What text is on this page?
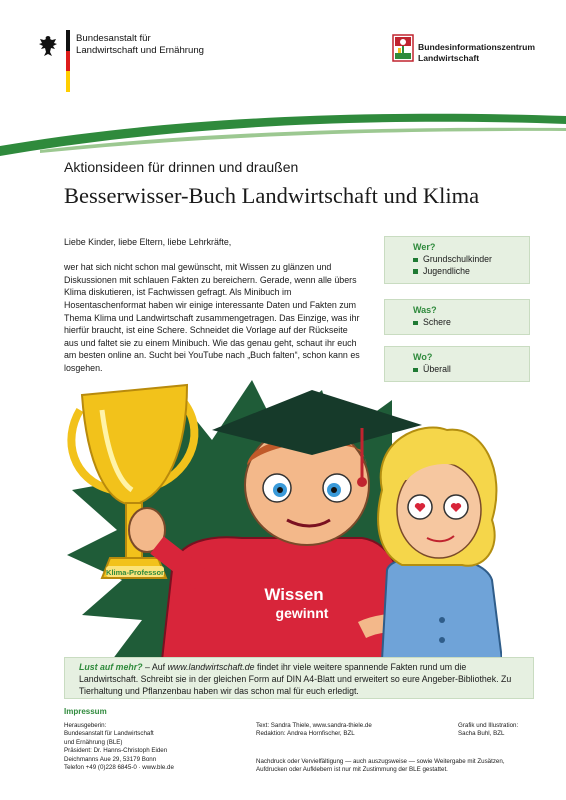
Bundesanstalt für
Landwirtschaft und Ernährung	Bundesinformationszentrum
Landwirtschaft
Aktionsideen für drinnen und draußen
Besserwisser-Buch Landwirtschaft und Klima

Liebe Kinder, liebe Eltern, liebe Lehrkräfte,

wer hat sich nicht schon mal gewünscht, mit Wissen zu glänzen und Diskussionen mit schlauen Fakten zu bereichern. Gerade, wenn alle übers Klima diskutieren, ist Fachwissen gefragt. Als Minibuch im Hosentaschenformat haben wir einige interessante Daten und Fakten zum Thema Klima und Landwirtschaft zusammengetragen. Das Einzige, was ihr hierfür braucht, ist eine Schere. Schneidet die Vorlage auf der Rückseite aus und faltet sie zu einem Minibuch. Wie das genau geht, schaut ihr euch am besten online an. Sucht bei YouTube nach „Buch falten“, schon kann es losgehen.

Wer?
Grundschulkinder
Jugendliche
Was?
Schere
Wo?
Überall
Klima-Professor
Wissen
gewinnt
Lust auf mehr? – Auf www.landwirtschaft.de findet ihr viele weitere spannende Fakten rund um die Landwirtschaft. Schreibt sie in der gleichen Form auf DIN A4-Blatt und erweitert so eure Angeber-Bibliothek. Zu Tierhaltung und Pflanzenbau haben wir das schon mal für euch erledigt.
Impressum
Herausgeberin:
Bundesanstalt für Landwirtschaft
und Ernährung (BLE)
Präsident: Dr. Hanns-Christoph Eiden
Deichmanns Aue 29, 53179 Bonn
Telefon +49 (0)228 6845-0 · www.ble.de
Text: Sandra Thiele, www.sandra-thiele.de
Redaktion: Andrea Hornfischer, BZL
Grafik und Illustration:
Sacha Buhl, BZL
Nachdruck oder Vervielfältigung — auch auszugsweise — sowie Weitergabe mit Zusätzen,
Aufdrucken oder Aufklebern ist nur mit Zustimmung der BLE gestattet.
